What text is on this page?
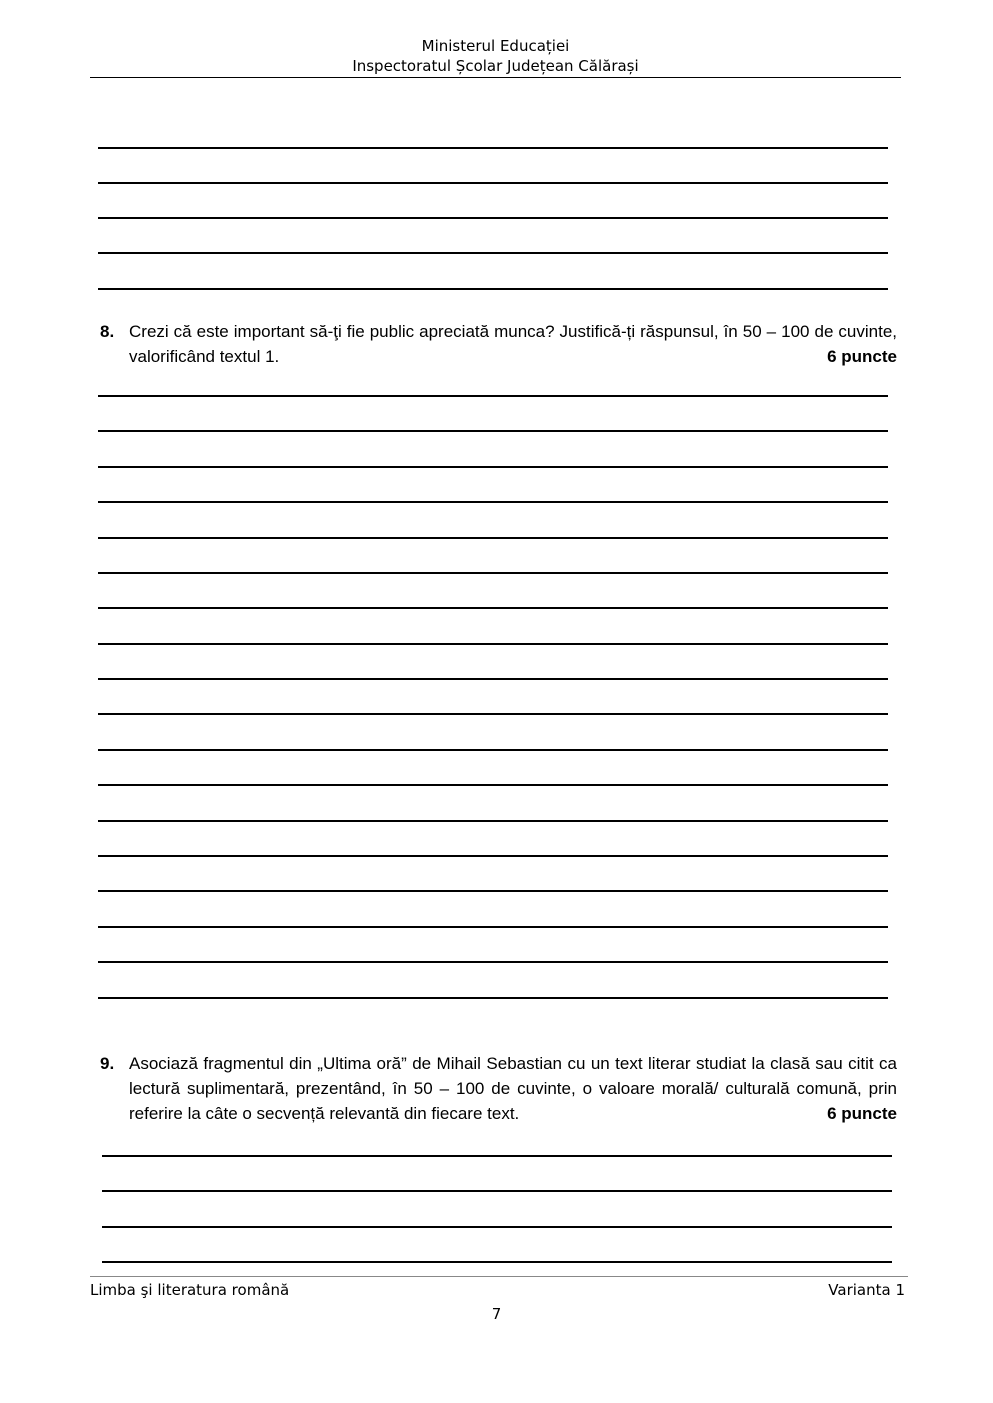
Ministerul Educației
Inspectoratul Școlar Județean Călărași
8. Crezi că este important să-ţi fie public apreciată munca? Justifică-ți răspunsul, în 50 – 100 de cuvinte, valorificând textul 1.	6 puncte
9. Asociază fragmentul din „Ultima oră” de Mihail Sebastian cu un text literar studiat la clasă sau citit ca lectură suplimentară, prezentând, în 50 – 100 de cuvinte, o valoare morală/ culturală comună, prin referire la câte o secvență relevantă din fiecare text.	6 puncte
Limba şi literatura română	Varianta 1
7
